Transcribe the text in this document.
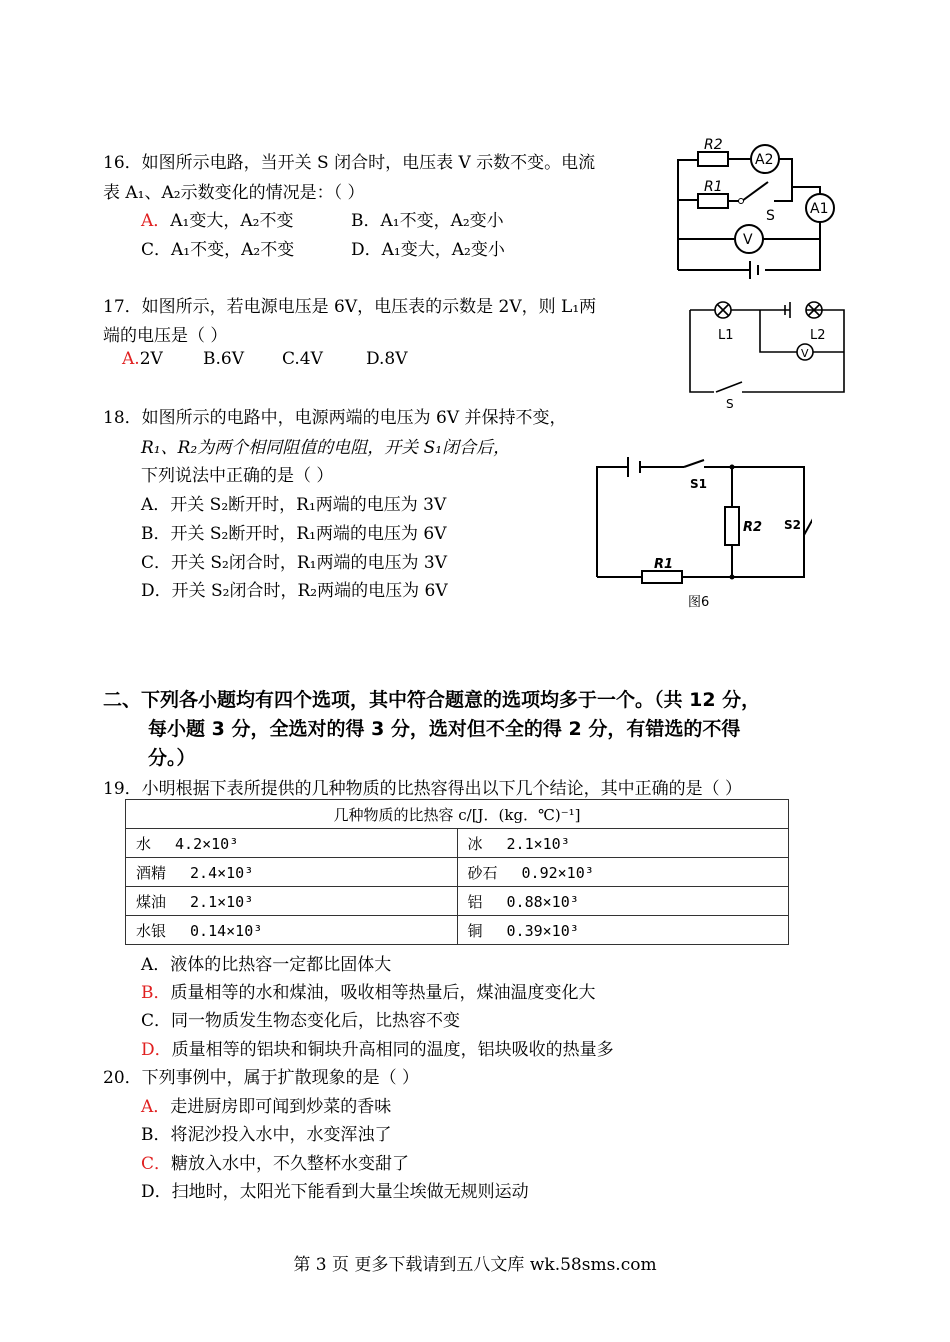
16．如图所示电路，当开关 S 闭合时，电压表 V 示数不变。电流
表 A₁、A₂示数变化的情况是：（ ）
A．A₁变大，A₂不变	B．A₁不变，A₂变小
C．A₁不变，A₂不变	D．A₁变大，A₂变小
R2
R1
A2
A1
S
V
17．如图所示，若电源电压是 6V，电压表的示数是 2V，则 L₁两
端的电压是（ ）
A.2V B.6V C.4V	D.8V
L1	L2
V
S
18．如图所示的电路中，电源两端的电压为 6V 并保持不变，
R₁、R₂为两个相同阻值的电阻，开关 S₁闭合后，
下列说法中正确的是（ ）
A．开关 S₂断开时，R₁两端的电压为 3V
B．开关 S₂断开时，R₁两端的电压为 6V
C．开关 S₂闭合时，R₁两端的电压为 3V
D．开关 S₂闭合时，R₂两端的电压为 6V
S1
R2 S2
R1
图6
二、下列各小题均有四个选项，其中符合题意的选项均多于一个。（共 12 分，
每小题 3 分，全选对的得 3 分，选对但不全的得 2 分，有错选的不得
分。）
19．小明根据下表所提供的几种物质的比热容得出以下几个结论，其中正确的是（ ）
几种物质的比热容 c/[J．(kg．℃)⁻¹]	
水 4.2×10³	冰 2.1×10³
酒精 2.4×10³	砂石 0.92×10³
煤油 2.1×10³	铝 0.88×10³
水银 0.14×10³	铜 0.39×10³
A．液体的比热容一定都比固体大
B．质量相等的水和煤油，吸收相等热量后，煤油温度变化大
C．同一物质发生物态变化后，比热容不变
D．质量相等的铝块和铜块升高相同的温度，铝块吸收的热量多
20．下列事例中，属于扩散现象的是（ ）
A．走进厨房即可闻到炒菜的香味
B．将泥沙投入水中，水变浑浊了
C．糖放入水中，不久整杯水变甜了
D．扫地时，太阳光下能看到大量尘埃做无规则运动
第 3 页 更多下载请到五八文库 wk.58sms.com
